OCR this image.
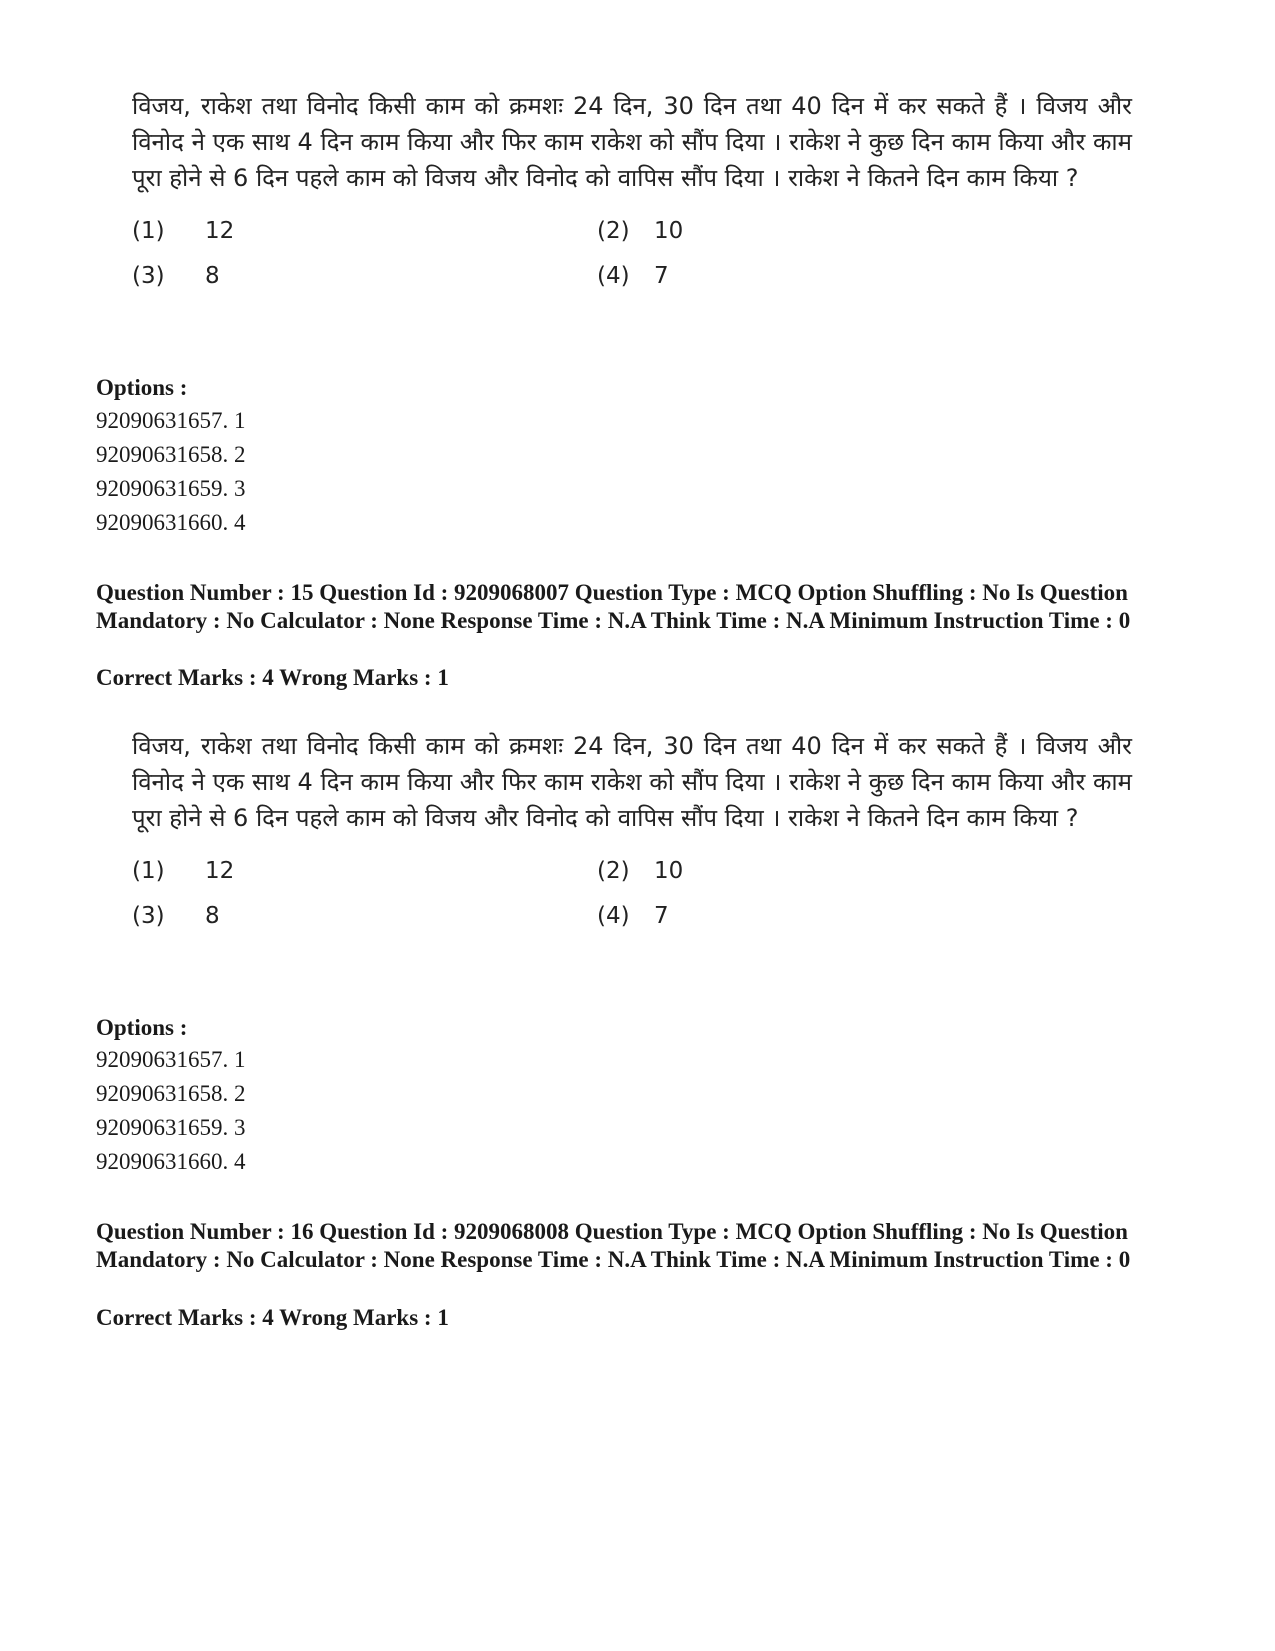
विजय, राकेश तथा विनोद किसी काम को क्रमशः 24 दिन, 30 दिन तथा 40 दिन में कर सकते हैं । विजय और विनोद ने एक साथ 4 दिन काम किया और फिर काम राकेश को सौंप दिया । राकेश ने कुछ दिन काम किया और काम पूरा होने से 6 दिन पहले काम को विजय और विनोद को वापिस सौंप दिया । राकेश ने कितने दिन काम किया ?

(1)	12	(2)	10
(3)	8	(4)	7

Options :

92090631657. 1
92090631658. 2
92090631659. 3
92090631660. 4

Question Number : 15 Question Id : 9209068007 Question Type : MCQ Option Shuffling : No Is Question Mandatory : No Calculator : None Response Time : N.A Think Time : N.A Minimum Instruction Time : 0

Correct Marks : 4 Wrong Marks : 1

विजय, राकेश तथा विनोद किसी काम को क्रमशः 24 दिन, 30 दिन तथा 40 दिन में कर सकते हैं । विजय और विनोद ने एक साथ 4 दिन काम किया और फिर काम राकेश को सौंप दिया । राकेश ने कुछ दिन काम किया और काम पूरा होने से 6 दिन पहले काम को विजय और विनोद को वापिस सौंप दिया । राकेश ने कितने दिन काम किया ?

(1)	12	(2)	10
(3)	8	(4)	7

Options :

92090631657. 1
92090631658. 2
92090631659. 3
92090631660. 4

Question Number : 16 Question Id : 9209068008 Question Type : MCQ Option Shuffling : No Is Question Mandatory : No Calculator : None Response Time : N.A Think Time : N.A Minimum Instruction Time : 0

Correct Marks : 4 Wrong Marks : 1
